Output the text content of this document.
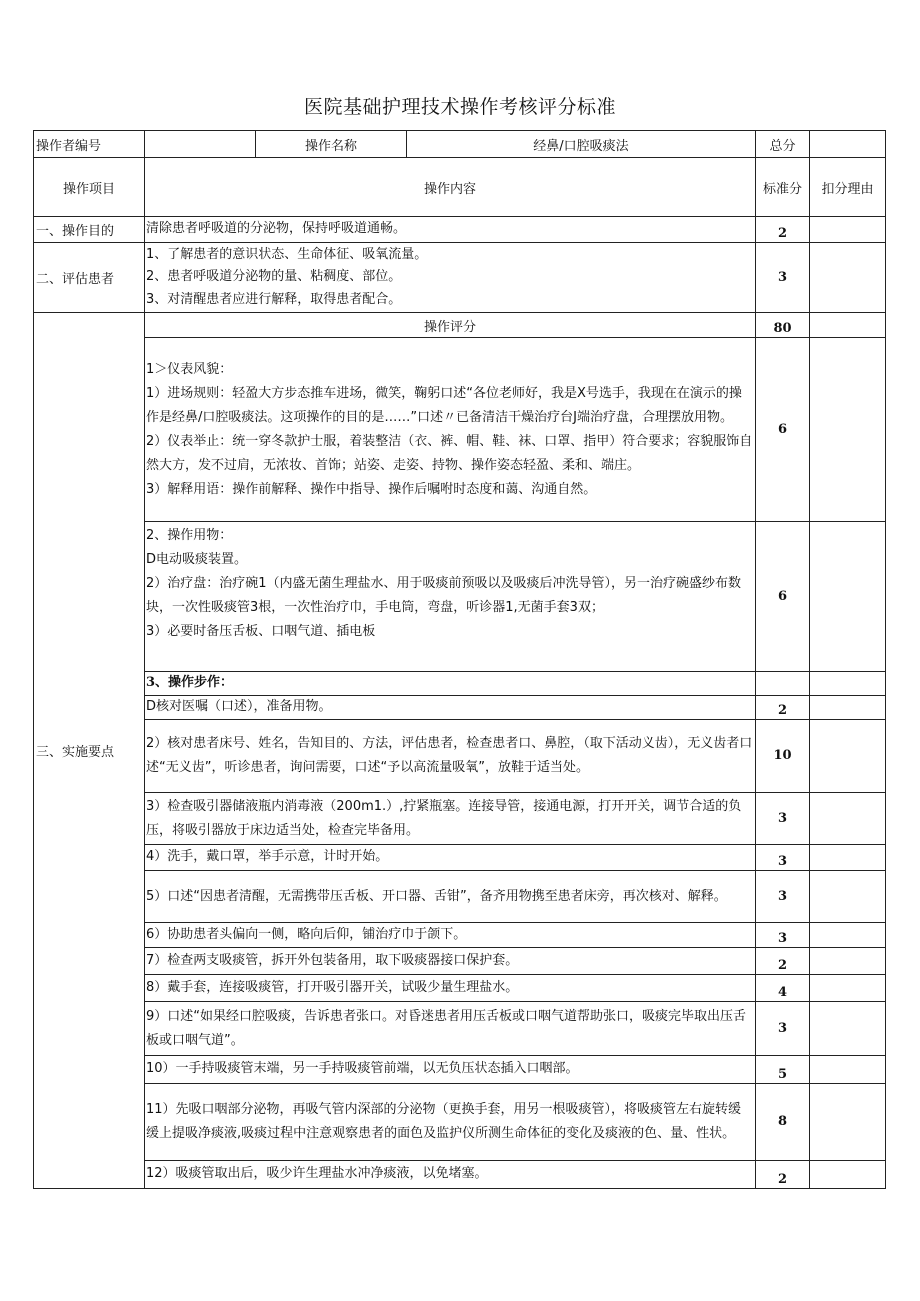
医院基础护理技术操作考核评分标准
操作者编号		操作名称	经鼻/口腔吸痰法	总分	
操作项目	操作内容			标准分	扣分理由
一、操作目的	清除患者呼吸道的分泌物，保持呼吸道通畅。			2	
二、评估患者	1、了解患者的意识状态、生命体征、吸氧流量。

2、患者呼吸道分泌物的量、粘稠度、部位。

3、对清醒患者应进行解释，取得患者配合。			3	
三、实施要点	操作评分			80	

	1＞仪表风貌：

1）进场规则：轻盈大方步态推车进场，微笑，鞠躬口述“各位老师好，我是X号选手，我现在在演示的操作是经鼻/口腔吸痰法。这项操作的目的是……”口述〃已备清洁干燥治疗台J端治疗盘，合理摆放用物。

2）仪表举止：统一穿冬款护士服，着装整洁（衣、裤、帽、鞋、袜、口罩、指甲）符合要求；容貌服饰自然大方，发不过肩，无浓妆、首饰；站姿、走姿、持物、操作姿态轻盈、柔和、端庄。

3）解释用语：操作前解释、操作中指导、操作后嘱咐时态度和蔼、沟通自然。			6	

	2、操作用物：

D电动吸痰装置。

2）治疗盘：治疗碗1（内盛无菌生理盐水、用于吸痰前预吸以及吸痰后冲洗导管），另一治疗碗盛纱布数块，一次性吸痰管3根，一次性治疗巾，手电筒，弯盘，听诊器1,无菌手套3双；

3）必要时备压舌板、口咽气道、插电板			6	
	3、操作步作：				
	D核对医嘱（口述），准备用物。			2	
	2）核对患者床号、姓名，告知目的、方法，评估患者，检查患者口、鼻腔，（取下活动义齿），无义齿者口述“无义齿”，听诊患者，询问需要，口述“予以高流量吸氧”，放鞋于适当处。			10	
	3）检查吸引器储液瓶内消毒液（200m1.）,拧紧瓶塞。连接导管，接通电源，打开开关，调节合适的负压，将吸引器放于床边适当处，检查完毕备用。			3	
	4）洗手，戴口罩，举手示意，计时开始。			3	
	5）口述“因患者清醒，无需携带压舌板、开口器、舌钳”，备齐用物携至患者床旁，再次核对、解释。			3	
	6）协助患者头偏向一侧，略向后仰，铺治疗巾于颌下。			3	
	7）检查两支吸痰管，拆开外包装备用，取下吸痰器接口保护套。			2	
	8）戴手套，连接吸痰管，打开吸引器开关，试吸少量生理盐水。			4	
	9）口述“如果经口腔吸痰，告诉患者张口。对昏迷患者用压舌板或口咽气道帮助张口，吸痰完毕取出压舌板或口咽气道”。			3	
	10）一手持吸痰管末端，另一手持吸痰管前端，以无负压状态插入口咽部。			5	
	11）先吸口咽部分泌物，再吸气管内深部的分泌物（更换手套，用另一根吸痰管），将吸痰管左右旋转缓缓上提吸净痰液,吸痰过程中注意观察患者的面色及监护仪所测生命体征的变化及痰液的色、量、性状。			8	
	12）吸痰管取出后，吸少许生理盐水冲净痰液，以免堵塞。			2	
